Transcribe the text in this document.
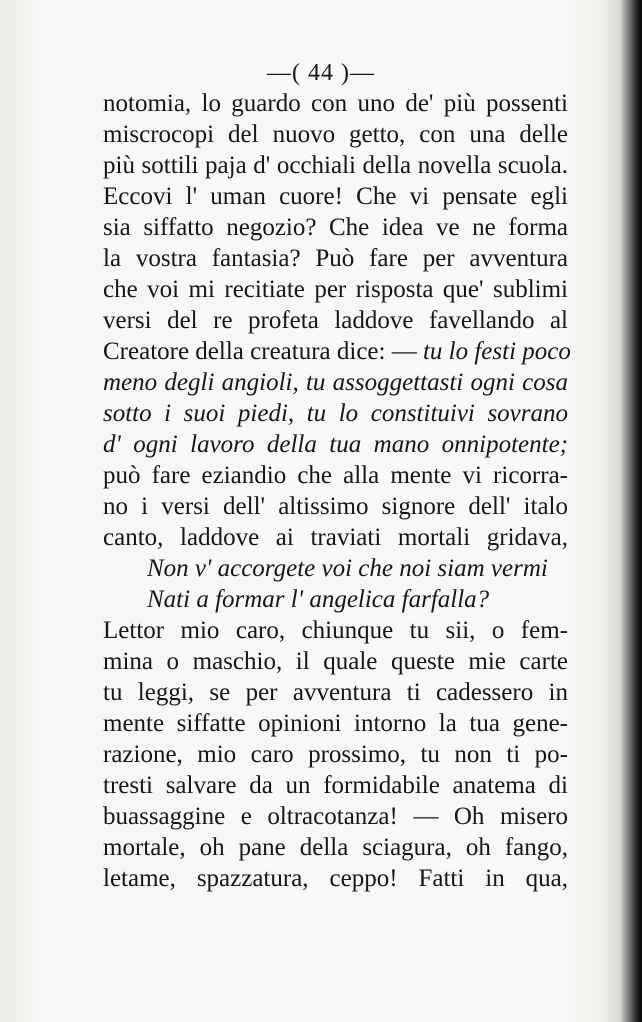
—( 44 )—
notomia, lo guardo con uno de' più possenti
miscrocopi del nuovo getto, con una delle
più sottili paja d' occhiali della novella scuola.
Eccovi l' uman cuore! Che vi pensate egli
sia siffatto negozio? Che idea ve ne forma
la vostra fantasia? Può fare per avventura
che voi mi recitiate per risposta que' sublimi
versi del re profeta laddove favellando al
Creatore della creatura dice: — tu lo festi poco
meno degli angioli, tu assoggettasti ogni cosa
sotto i suoi piedi, tu lo constituivi sovrano
d' ogni lavoro della tua mano onnipotente;
può fare eziandio che alla mente vi ricorra-
no i versi dell' altissimo signore dell' italo
canto, laddove ai traviati mortali gridava,
Non v' accorgete voi che noi siam vermi
Nati a formar l' angelica farfalla?
Lettor mio caro, chiunque tu sii, o fem-
mina o maschio, il quale queste mie carte
tu leggi, se per avventura ti cadessero in
mente siffatte opinioni intorno la tua gene-
razione, mio caro prossimo, tu non ti po-
tresti salvare da un formidabile anatema di
buassaggine e oltracotanza! — Oh misero
mortale, oh pane della sciagura, oh fango,
letame, spazzatura, ceppo! Fatti in qua,
